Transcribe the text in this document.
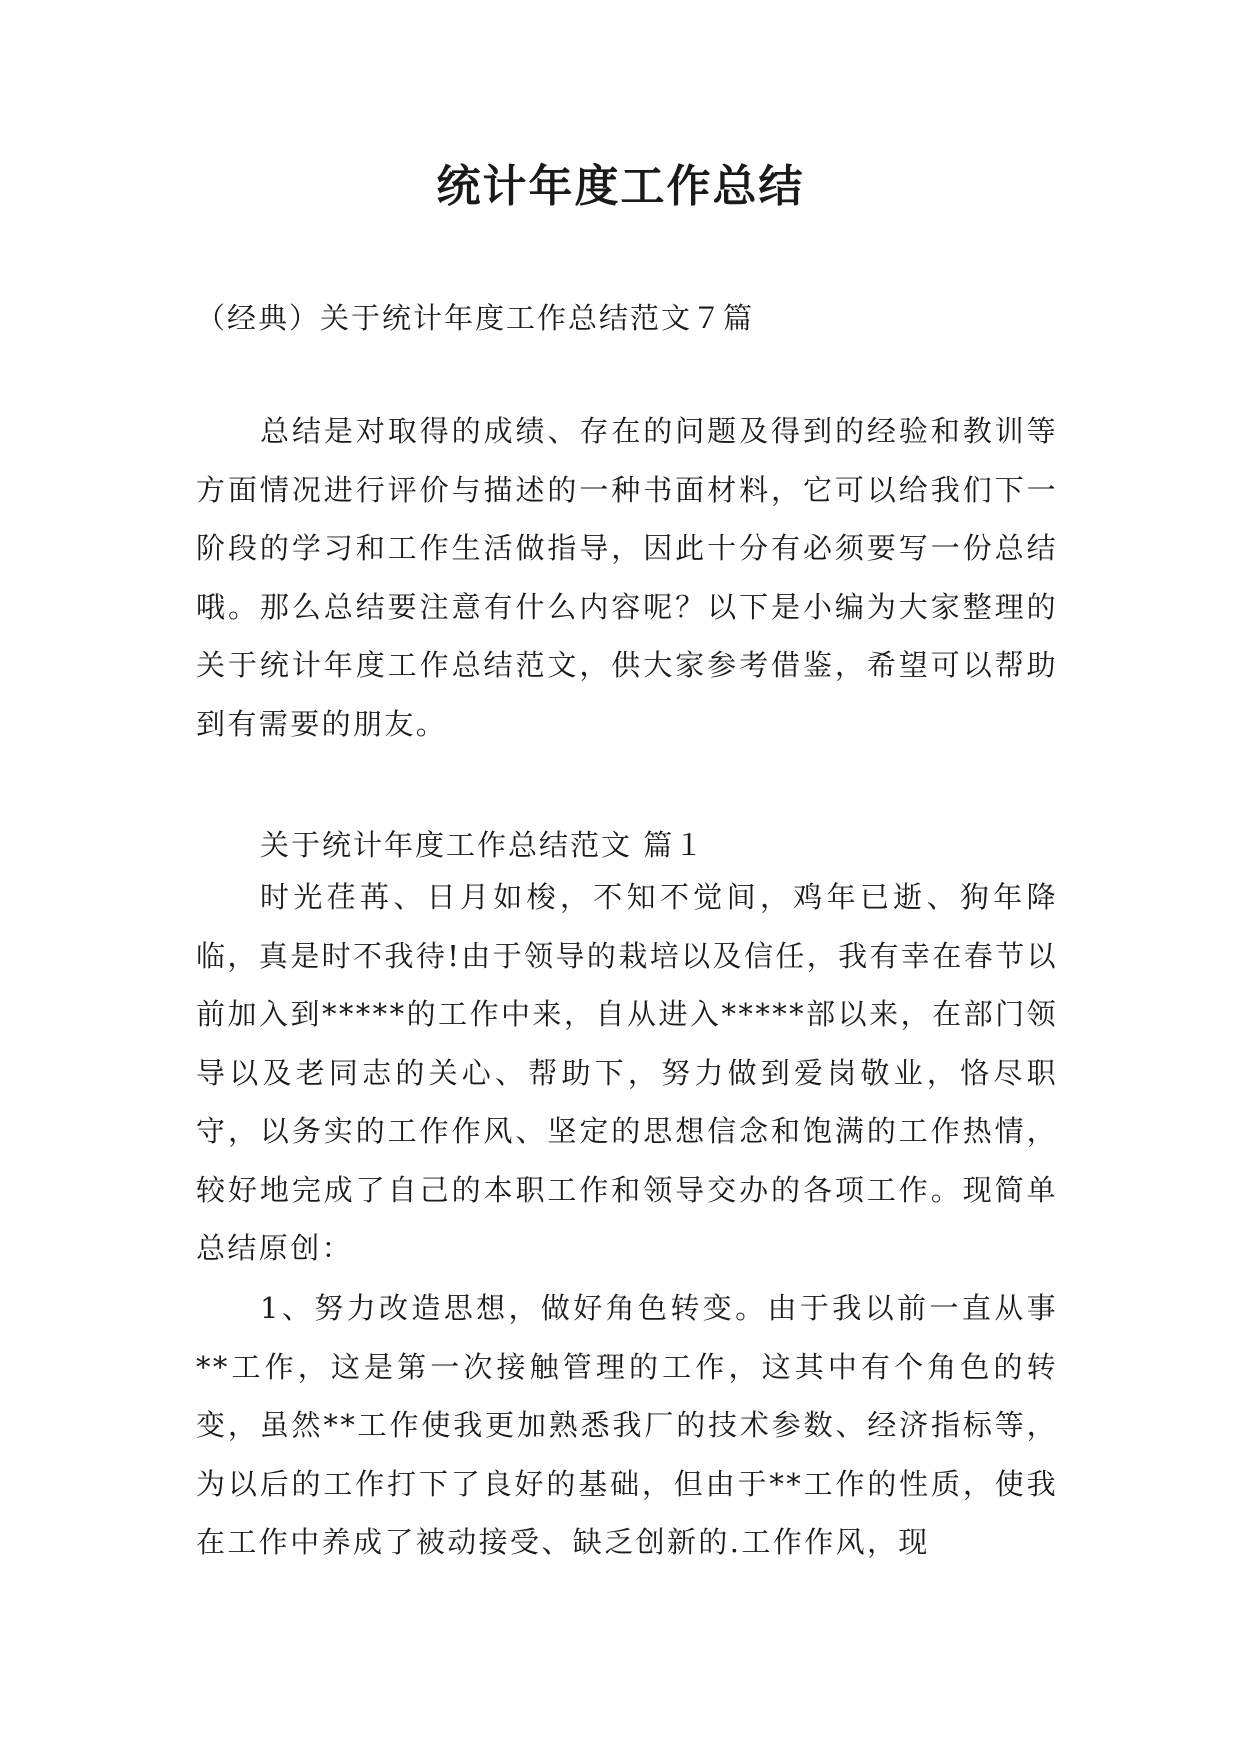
统计年度工作总结
（经典）关于统计年度工作总结范文７篇

总结是对取得的成绩、存在的问题及得到的经验和教训等方面情况进行评价与描述的一种书面材料，它可以给我们下一阶段的学习和工作生活做指导，因此十分有必须要写一份总结哦。那么总结要注意有什么内容呢？以下是小编为大家整理的关于统计年度工作总结范文，供大家参考借鉴，希望可以帮助到有需要的朋友。

关于统计年度工作总结范文 篇１

时光荏苒、日月如梭，不知不觉间，鸡年已逝、狗年降临，真是时不我待!由于领导的栽培以及信任，我有幸在春节以前加入到*****的工作中来，自从进入*****部以来，在部门领导以及老同志的关心、帮助下，努力做到爱岗敬业，恪尽职守，以务实的工作作风、坚定的思想信念和饱满的工作热情，较好地完成了自己的本职工作和领导交办的各项工作。现简单总结原创：

1、努力改造思想，做好角色转变。由于我以前一直从事**工作，这是第一次接触管理的工作，这其中有个角色的转变，虽然**工作使我更加熟悉我厂的技术参数、经济指标等，为以后的工作打下了良好的基础，但由于**工作的性质，使我在工作中养成了被动接受、缺乏创新的.工作作风，现
